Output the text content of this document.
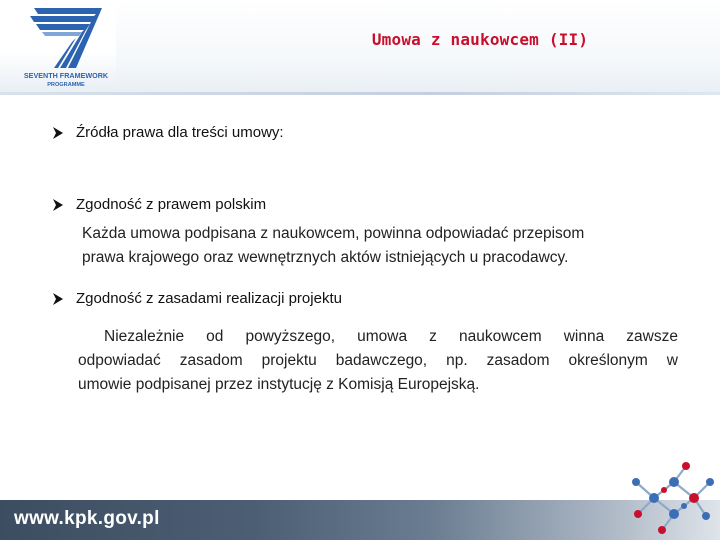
SEVENTH FRAMEWORK
PROGRAMME
Umowa z naukowcem (II)
Źródła prawa dla treści umowy:
Zgodność z prawem polskim
Każda umowa podpisana z naukowcem, powinna odpowiadać przepisom
prawa krajowego oraz wewnętrznych aktów istniejących u pracodawcy.
Zgodność z zasadami realizacji projektu
Niezależnie od powyższego, umowa z naukowcem winna zawsze
odpowiadać zasadom projektu badawczego, np. zasadom określonym w
umowie podpisanej przez instytucję z Komisją Europejską.
www.kpk.gov.pl
